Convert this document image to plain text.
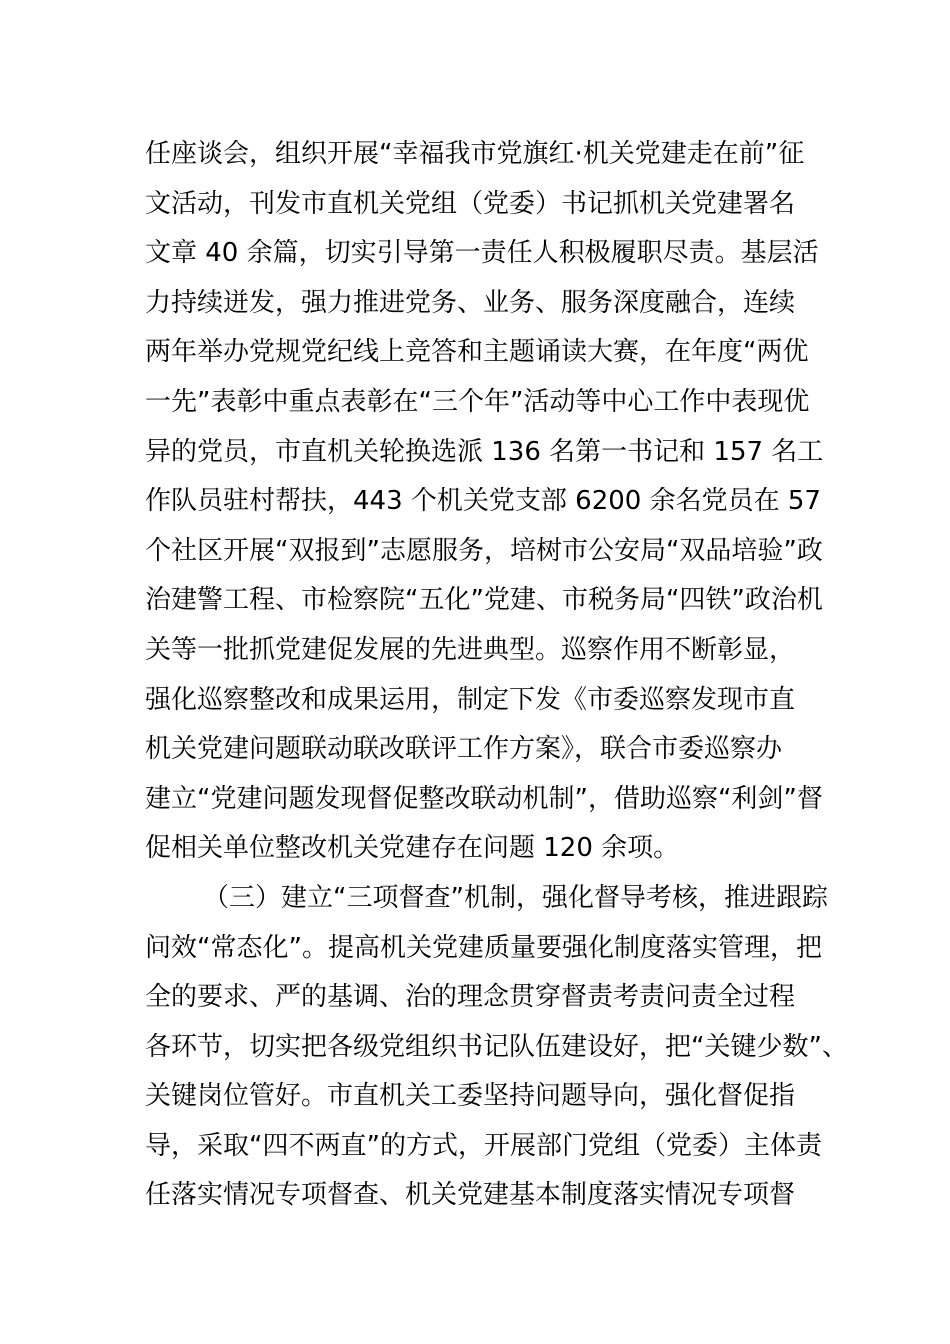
任座谈会，组织开展“幸福我市党旗红·机关党建走在前”征
文活动，刊发市直机关党组（党委）书记抓机关党建署名
文章 40 余篇，切实引导第一责任人积极履职尽责。基层活
力持续迸发，强力推进党务、业务、服务深度融合，连续
两年举办党规党纪线上竞答和主题诵读大赛，在年度“两优
一先”表彰中重点表彰在“三个年”活动等中心工作中表现优
异的党员，市直机关轮换选派 136 名第一书记和 157 名工
作队员驻村帮扶，443 个机关党支部 6200 余名党员在 57
个社区开展“双报到”志愿服务，培树市公安局“双品培验”政
治建警工程、市检察院“五化”党建、市税务局“四铁”政治机
关等一批抓党建促发展的先进典型。巡察作用不断彰显，
强化巡察整改和成果运用，制定下发《市委巡察发现市直
机关党建问题联动联改联评工作方案》，联合市委巡察办
建立“党建问题发现督促整改联动机制”，借助巡察“利剑”督
促相关单位整改机关党建存在问题 120 余项。
（三）建立“三项督查”机制，强化督导考核，推进跟踪
问效“常态化”。提高机关党建质量要强化制度落实管理，把
全的要求、严的基调、治的理念贯穿督责考责问责全过程
各环节，切实把各级党组织书记队伍建设好，把“关键少数”、
关键岗位管好。市直机关工委坚持问题导向，强化督促指
导，采取“四不两直”的方式，开展部门党组（党委）主体责
任落实情况专项督查、机关党建基本制度落实情况专项督
